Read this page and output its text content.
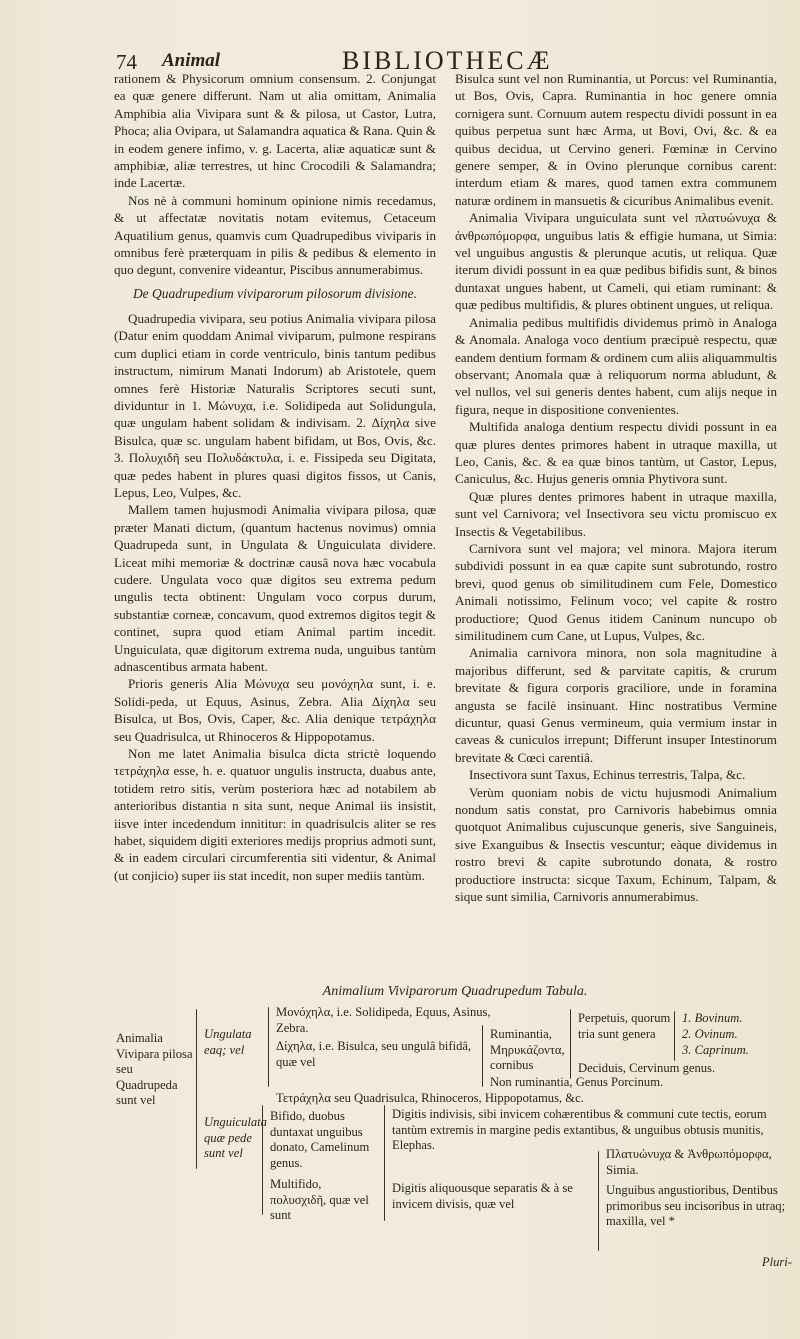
74 Animal	BIBLIOTHECÆ

rationem & Physicorum omnium consensum. 2. Conjungat ea quæ genere differunt. Nam ut alia omittam, Animalia Amphibia alia Vivipara sunt & & pilosa, ut Castor, Lutra, Phoca; alia Ovipara, ut Salamandra aquatica & Rana. Quin & in eodem genere infimo, v. g. Lacerta, aliæ aquaticæ sunt & amphibiæ, aliæ terrestres, ut hinc Crocodili & Salamandra; inde Lacertæ.

Nos nè à communi hominum opinione nimis recedamus, & ut affectatæ novitatis notam evitemus, Cetaceum Aquatilium genus, quamvis cum Quadrupedibus viviparis in omnibus ferè præterquam in pilis & pedibus & elemento in quo degunt, convenire videantur, Piscibus annumerabimus.

De Quadrupedium viviparorum pilosorum divisione.

Quadrupedia vivipara, seu potius Animalia vivipara pilosa (Datur enim quoddam Animal viviparum, pulmone respirans cum duplici etiam in corde ventriculo, binis tantum pedibus instructum, nimirum Manati Indorum) ab Aristotele, quem omnes ferè Historiæ Naturalis Scriptores secuti sunt, dividuntur in 1. Μώνυχα, i.e. Solidipeda aut Solidungula, quæ ungulam habent solidam & indivisam. 2. Δίχηλα sive Bisulca, quæ sc. ungulam habent bifidam, ut Bos, Ovis, &c. 3. Πολυχιδῆ seu Πολυδάκτυλα, i. e. Fissipeda seu Digitata, quæ pedes habent in plures quasi digitos fissos, ut Canis, Lepus, Leo, Vulpes, &c.

Mallem tamen hujusmodi Animalia vivipara pilosa, quæ præter Manati dictum, (quantum hactenus novimus) omnia Quadrupeda sunt, in Ungulata & Unguiculata dividere. Liceat mihi memoriæ & doctrinæ causâ nova hæc vocabula cudere. Ungulata voco quæ digitos seu extrema pedum ungulis tecta obtinent: Ungulam voco corpus durum, substantiæ corneæ, concavum, quod extremos digitos tegit & continet, supra quod etiam Animal partim incedit. Unguiculata, quæ digitorum extrema nuda, unguibus tantùm adnascentibus armata habent.

Prioris generis Alia Μώνυχα seu μονόχηλα sunt, i. e. Solidi-peda, ut Equus, Asinus, Zebra. Alia Δίχηλα seu Bisulca, ut Bos, Ovis, Caper, &c. Alia denique τετράχηλα seu Quadrisulca, ut Rhinoceros & Hippopotamus.

Non me latet Animalia bisulca dicta strictè loquendo τετράχηλα esse, h. e. quatuor ungulis instructa, duabus ante, totidem retro sitis, verùm posteriora hæc ad notabilem ab anterioribus distantia n sita sunt, neque Animal iis insistit, iisve inter incedendum innititur: in quadrisulcis aliter se res habet, siquidem digiti exteriores medijs proprius admoti sunt, & in eadem circulari circumferentia siti videntur, & Animal (ut conjicio) super iis stat incedit, non super mediis tantùm.

Bisulca sunt vel non Ruminantia, ut Porcus: vel Ruminantia, ut Bos, Ovis, Capra. Ruminantia in hoc genere omnia cornigera sunt. Cornuum autem respectu dividi possunt in ea quibus perpetua sunt hæc Arma, ut Bovi, Ovi, &c. & ea quibus decidua, ut Cervino generi. Fœminæ in Cervino genere semper, & in Ovino plerunque cornibus carent: interdum etiam & mares, quod tamen extra communem naturæ ordinem in mansuetis & cicuribus Animalibus evenit.

Animalia Vivipara unguiculata sunt vel πλατυώνυχα & ἀνθρωπόμορφα, unguibus latis & effigie humana, ut Simia: vel unguibus angustis & plerunque acutis, ut reliqua. Quæ iterum dividi possunt in ea quæ pedibus bifidis sunt, & binos duntaxat ungues habent, ut Cameli, qui etiam ruminant: & quæ pedibus multifidis, & plures obtinent ungues, ut reliqua.

Animalia pedibus multifidis dividemus primò in Analoga & Anomala. Analoga voco dentium præcipuè respectu, quæ eandem dentium formam & ordinem cum aliis aliquammultis observant; Anomala quæ à reliquorum norma abludunt, & vel nullos, vel sui generis dentes habent, cum alijs neque in figura, neque in dispositione convenientes.

Multifida analoga dentium respectu dividi possunt in ea quæ plures dentes primores habent in utraque maxilla, ut Leo, Canis, &c. & ea quæ binos tantùm, ut Castor, Lepus, Caniculus, &c. Hujus generis omnia Phytivora sunt.

Quæ plures dentes primores habent in utraque maxilla, sunt vel Carnivora; vel Insectivora seu victu promiscuo ex Insectis & Vegetabilibus.

Carnivora sunt vel majora; vel minora. Majora iterum subdividi possunt in ea quæ capite sunt subrotundo, rostro brevi, quod genus ob similitudinem cum Fele, Domestico Animali notissimo, Felinum voco; vel capite & rostro productiore; Quod Genus itidem Caninum nuncupo ob similitudinem cum Cane, ut Lupus, Vulpes, &c.

Animalia carnivora minora, non sola magnitudine à majoribus differunt, sed & parvitate capitis, & crurum brevitate & figura corporis graciliore, unde in foramina angusta se facilè insinuant. Hinc nostratibus Vermine dicuntur, quasi Genus vermineum, quia vermium instar in caveas & cuniculos irrepunt; Differunt insuper Intestinorum brevitate & Cœci carentiâ.

Insectivora sunt Taxus, Echinus terrestris, Talpa, &c.

Verùm quoniam nobis de victu hujusmodi Animalium nondum satis constat, pro Carnivoris habebimus omnia quotquot Animalibus cujuscunque generis, sive Sanguineis, sive Exanguibus & Insectis vescuntur; eàque dividemus in rostro brevi & capite subrotundo donata, & rostro productiore instructa: sicque Taxum, Echinum, Talpam, & sique sunt similia, Carnivoris annumerabimus.

Animalium Viviparorum Quadrupedum Tabula.
Animalia Vivipara pilosa seu Quadrupeda sunt vel
Ungulata eaq; vel
Μονόχηλα, i.e. Solidipeda, Equus, Asinus, Zebra.
Δίχηλα, i.e. Bisulca, seu ungulâ bifidâ, quæ vel
Ruminantia, Μηρυκάζοντα, cornibus
Perpetuis, quorum tria sunt genera
1. Bovinum.
2. Ovinum.
3. Caprinum.
Deciduis, Cervinum genus.
Non ruminantia, Genus Porcinum.
Τετράχηλα seu Quadrisulca, Rhinoceros, Hippopotamus, &c.
Unguiculata quæ pede sunt vel
Bifido, duobus duntaxat unguibus donato, Camelinum genus.
Multifido, πολυσχιδῆ, quæ vel sunt
Digitis indivisis, sibi invicem cohærentibus & communi cute tectis, eorum tantùm extremis in margine pedis extantibus, & unguibus obtusis munitis, Elephas.
Digitis aliquousque separatis & à se invicem divisis, quæ vel
Πλατυώνυχα & Ἀνθρωπόμορφα, Simia.
Unguibus angustioribus, Dentibus primoribus seu incisoribus in utraq; maxilla, vel *
Pluri-
